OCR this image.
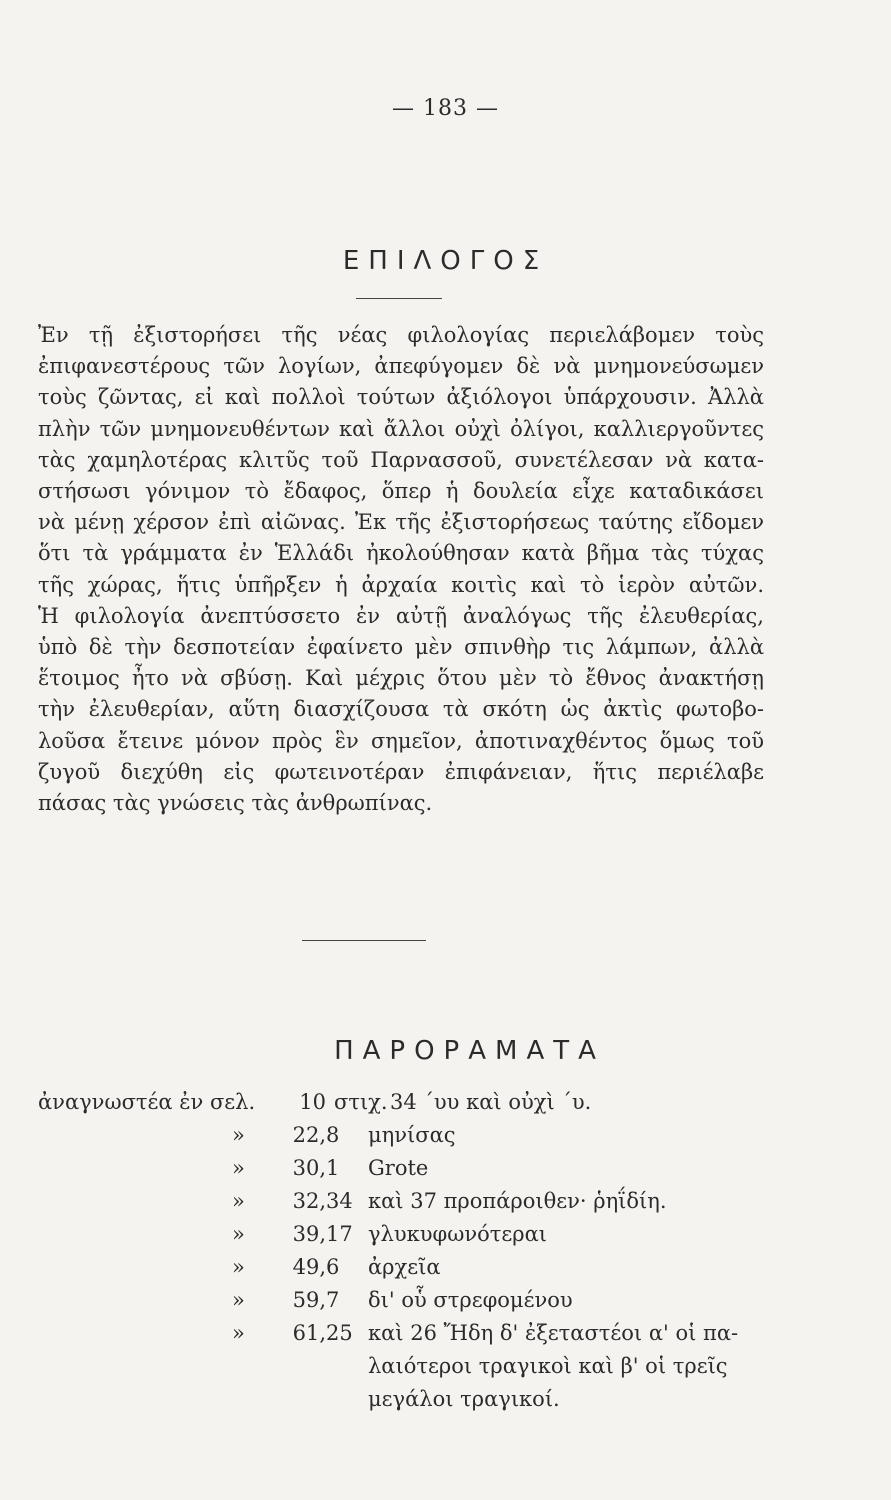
— 183 —
ΕΠΙΛΟΓΟΣ
Ἐν τῇ ἐξιστορήσει τῆς νέας φιλολογίας περιελάβομεν τοὺς
ἐπιφανεστέρους τῶν λογίων, ἀπεφύγομεν δὲ νὰ μνημονεύσωμεν
τοὺς ζῶντας, εἰ καὶ πολλοὶ τούτων ἀξιόλογοι ὑπάρχουσιν. Ἀλλὰ
πλὴν τῶν μνημονευθέντων καὶ ἄλλοι οὐχὶ ὀλίγοι, καλλιεργοῦντες
τὰς χαμηλοτέρας κλιτῦς τοῦ Παρνασσοῦ, συνετέλεσαν νὰ κατα-
στήσωσι γόνιμον τὸ ἔδαφος, ὅπερ ἡ δουλεία εἶχε καταδικάσει
νὰ μένῃ χέρσον ἐπὶ αἰῶνας. Ἐκ τῆς ἐξιστορήσεως ταύτης εἴδομεν
ὅτι τὰ γράμματα ἐν Ἑλλάδι ἠκολούθησαν κατὰ βῆμα τὰς τύχας
τῆς χώρας, ἥτις ὑπῆρξεν ἡ ἀρχαία κοιτὶς καὶ τὸ ἱερὸν αὐτῶν.
Ἡ φιλολογία ἀνεπτύσσετο ἐν αὐτῇ ἀναλόγως τῆς ἐλευθερίας,
ὑπὸ δὲ τὴν δεσποτείαν ἐφαίνετο μὲν σπινθὴρ τις λάμπων, ἀλλὰ
ἕτοιμος ἦτο νὰ σβύσῃ. Καὶ μέχρις ὅτου μὲν τὸ ἔθνος ἀνακτήσῃ
τὴν ἐλευθερίαν, αὕτη διασχίζουσα τὰ σκότη ὡς ἀκτὶς φωτοβο-
λοῦσα ἔτεινε μόνον πρὸς ἓν σημεῖον, ἀποτιναχθέντος ὅμως τοῦ
ζυγοῦ διεχύθη εἰς φωτεινοτέραν ἐπιφάνειαν, ἥτις περιέλαβε
πάσας τὰς γνώσεις τὰς ἀνθρωπίνας.
ΠΑΡΟΡΑΜΑΤΑ
ἀναγνωστέα ἐν σελ.	10 στιχ. 34 ˊυυ καὶ οὐχὶ ˊυ.
»	22, 8 μηνίσας
»	30, 1 Grote
»	32, 34 καὶ 37 προπάροιθεν· ῥηΐδίη.
»	39, 17 γλυκυφωνότεραι
»	49, 6 ἀρχεῖα
»	59, 7 δι' οὗ στρεφομένου
»	61, 25 καὶ 26 Ἤδη δ' ἐξεταστέοι α' οἱ πα-
λαιότεροι τραγικοὶ καὶ β' οἱ τρεῖς
μεγάλοι τραγικοί.
